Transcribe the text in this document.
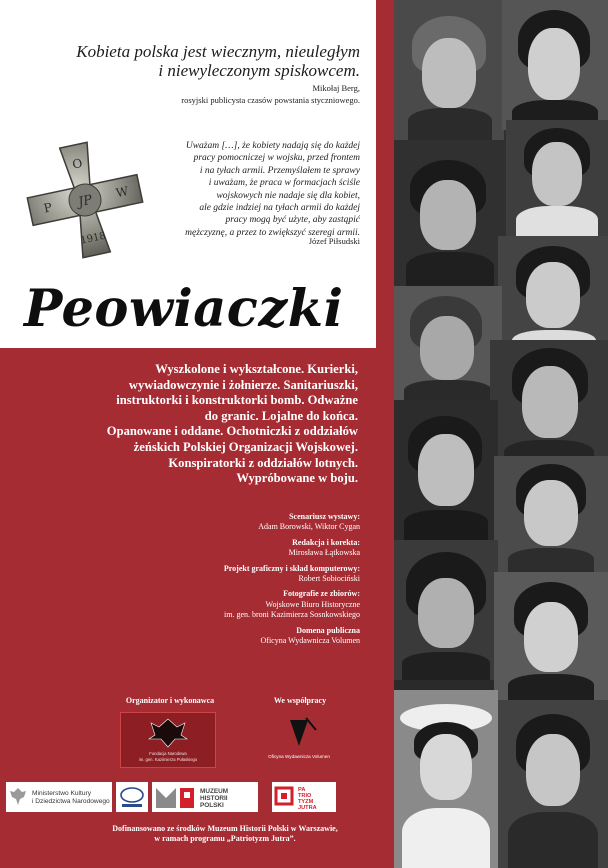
Kobieta polska jest wiecznym, nieuległym
i niewyleczonym spiskowcem.
Mikołaj Berg,
rosyjski publicysta czasów powstania styczniowego.
O
P
W
JP
1918
Uważam […], że kobiety nadają się do każdej
pracy pomocniczej w wojsku, przed frontem
i na tyłach armii. Przemyślałem te sprawy
i uważam, że praca w formacjach ściśle
wojskowych nie nadaje się dla kobiet,
ale gdzie indziej na tyłach armii do każdej
pracy mogą być użyte, aby zastąpić
mężczyznę, a przez to zwiększyć szeregi armii.
Józef Piłsudski
Peowiaczki
Wyszkolone i wykształcone. Kurierki,
wywiadowczynie i żołnierze. Sanitariuszki,
instruktorki i konstruktorki bomb. Odważne
do granic. Lojalne do końca.
Opanowane i oddane. Ochotniczki z oddziałów
żeńskich Polskiej Organizacji Wojskowej.
Konspiratorki z oddziałów lotnych.
Wypróbowane w boju.
Scenariusz wystawy:
Adam Borowski, Wiktor Cygan
Redakcja i korekta:
Mirosława Łątkowska
Projekt graficzny i skład komputerowy:
Robert Sobiociński
Fotografie ze zbiorów:
Wojskowe Biuro Historyczne
im. gen. broni Kazimierza Sosnkowskiego
Domena publiczna
Oficyna Wydawnicza Volumen
Organizator i wykonawca	We współpracy
Fundacja Narodowa
im. gen. Kazimierza Pułaskiego
Oficyna Wydawnicza Volumen
Ministerstwo Kultury
i Dziedzictwa Narodowego
MUZEUM
HISTORII
POLSKI
PA
TRIO
TYZM
JUTRA
Dofinansowano ze środków Muzeum Historii Polski w Warszawie,
w ramach programu „Patriotyzm Jutra”.
